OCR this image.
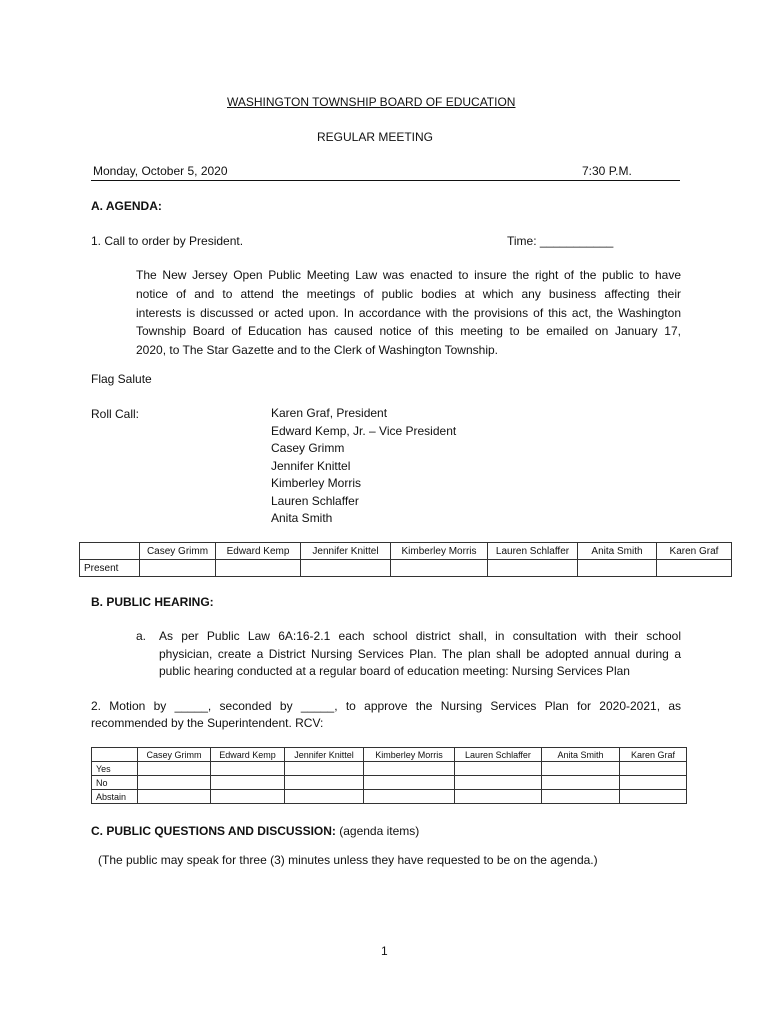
WASHINGTON TOWNSHIP BOARD OF EDUCATION
REGULAR MEETING
Monday, October 5, 2020	7:30 P.M.
A. AGENDA:
1. Call to order by President.	Time: ___________
The New Jersey Open Public Meeting Law was enacted to insure the right of the public to have
notice of and to attend the meetings of public bodies at which any business affecting their
interests is discussed or acted upon. In accordance with the provisions of this act, the Washington
Township Board of Education has caused notice of this meeting to be emailed on January 17,
2020, to The Star Gazette and to the Clerk of Washington Township.
Flag Salute
Roll Call:	Karen Graf, President
Edward Kemp, Jr. – Vice President
Casey Grimm
Jennifer Knittel
Kimberley Morris
Lauren Schlaffer
Anita Smith
	Casey Grimm	Edward Kemp	Jennifer Knittel	Kimberley Morris	Lauren Schlaffer	Anita Smith	Karen Graf
Present							
B. PUBLIC HEARING:
a. As per Public Law 6A:16-2.1 each school district shall, in consultation with their school
physician, create a District Nursing Services Plan. The plan shall be adopted annual during a
public hearing conducted at a regular board of education meeting: Nursing Services Plan
2. Motion by _____, seconded by _____, to approve the Nursing Services Plan for 2020-2021, as
recommended by the Superintendent. RCV:
	Casey Grimm	Edward Kemp	Jennifer Knittel	Kimberley Morris	Lauren Schlaffer	Anita Smith	Karen Graf
Yes							
No							
Abstain							
C. PUBLIC QUESTIONS AND DISCUSSION: (agenda items)
(The public may speak for three (3) minutes unless they have requested to be on the agenda.)
1
